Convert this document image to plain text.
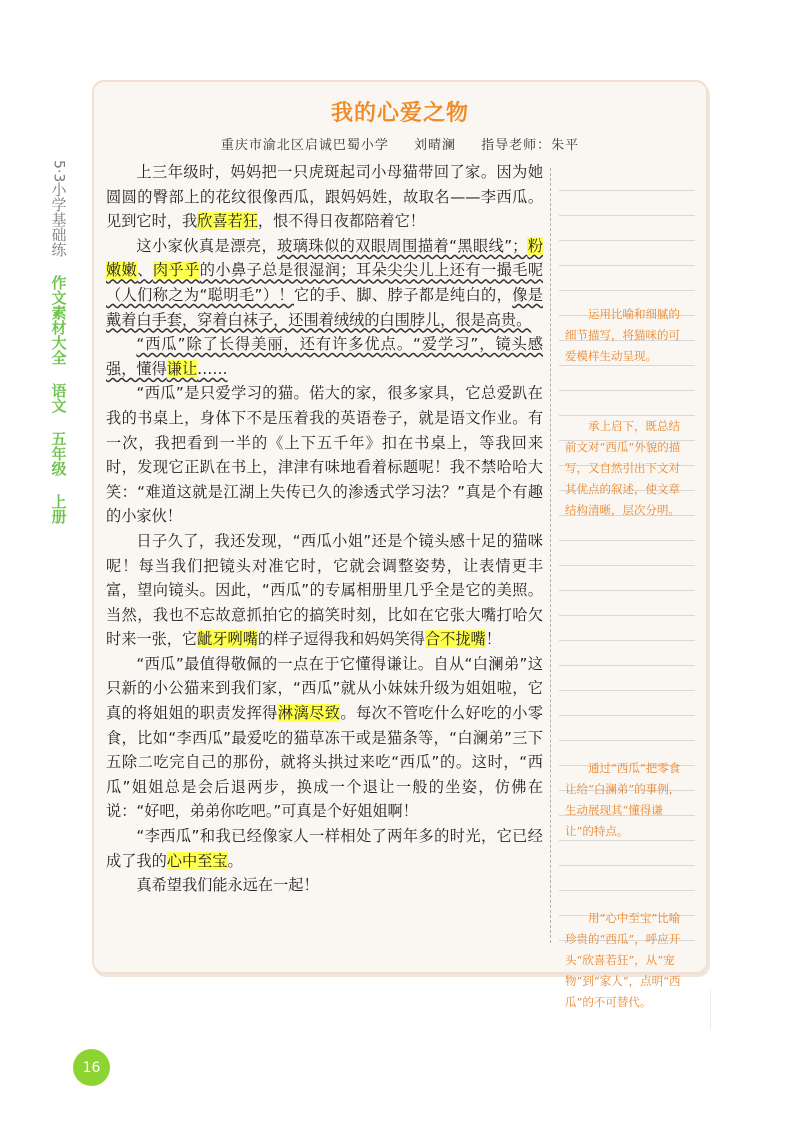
5·3
小学基础练
作文素材大全
语文
五年级
上册
我的心爱之物
重庆市渝北区启诚巴蜀小学 刘晴澜 指导老师：朱平

上三年级时，妈妈把一只虎斑起司小母猫带回了家。因为她圆圆的臀部上的花纹很像西瓜，跟妈妈姓，故取名——李西瓜。见到它时，我欣喜若狂，恨不得日夜都陪着它！

这小家伙真是漂亮，玻璃珠似的双眼周围描着“黑眼线”；粉嫩嫩、肉乎乎的小鼻子总是很湿润；耳朵尖尖儿上还有一撮毛呢（人们称之为“聪明毛”）！它的手、脚、脖子都是纯白的，像是戴着白手套，穿着白袜子，还围着绒绒的白围脖儿，很是高贵。

“西瓜”除了长得美丽，还有许多优点。“爱学习”，镜头感强，懂得谦让……

“西瓜”是只爱学习的猫。偌大的家，很多家具，它总爱趴在我的书桌上，身体下不是压着我的英语卷子，就是语文作业。有一次，我把看到一半的《上下五千年》扣在书桌上，等我回来时，发现它正趴在书上，津津有味地看着标题呢！我不禁哈哈大笑：“难道这就是江湖上失传已久的渗透式学习法？”真是个有趣的小家伙！

日子久了，我还发现，“西瓜小姐”还是个镜头感十足的猫咪呢！每当我们把镜头对准它时，它就会调整姿势，让表情更丰富，望向镜头。因此，“西瓜”的专属相册里几乎全是它的美照。当然，我也不忘故意抓拍它的搞笑时刻，比如在它张大嘴打哈欠时来一张，它龇牙咧嘴的样子逗得我和妈妈笑得合不拢嘴！

“西瓜”最值得敬佩的一点在于它懂得谦让。自从“白澜弟”这只新的小公猫来到我们家，“西瓜”就从小妹妹升级为姐姐啦，它真的将姐姐的职责发挥得淋漓尽致。每次不管吃什么好吃的小零食，比如“李西瓜”最爱吃的猫草冻干或是猫条等，“白澜弟”三下五除二吃完自己的那份，就将头拱过来吃“西瓜”的。这时，“西瓜”姐姐总是会后退两步，换成一个退让一般的坐姿，仿佛在说：“好吧，弟弟你吃吧。”可真是个好姐姐啊！

“李西瓜”和我已经像家人一样相处了两年多的时光，它已经成了我的心中至宝。

真希望我们能永远在一起！

运用比喻和细腻的细节描写，将猫咪的可爱模样生动呈现。
承上启下，既总结前文对“西瓜”外貌的描写，又自然引出下文对其优点的叙述，使文章结构清晰，层次分明。
通过“西瓜”把零食让给“白澜弟”的事例，生动展现其“懂得谦让”的特点。
用“心中至宝”比喻珍贵的“西瓜”，呼应开头“欣喜若狂”，从“宠物”到“家人”，点明“西瓜”的不可替代。
16
